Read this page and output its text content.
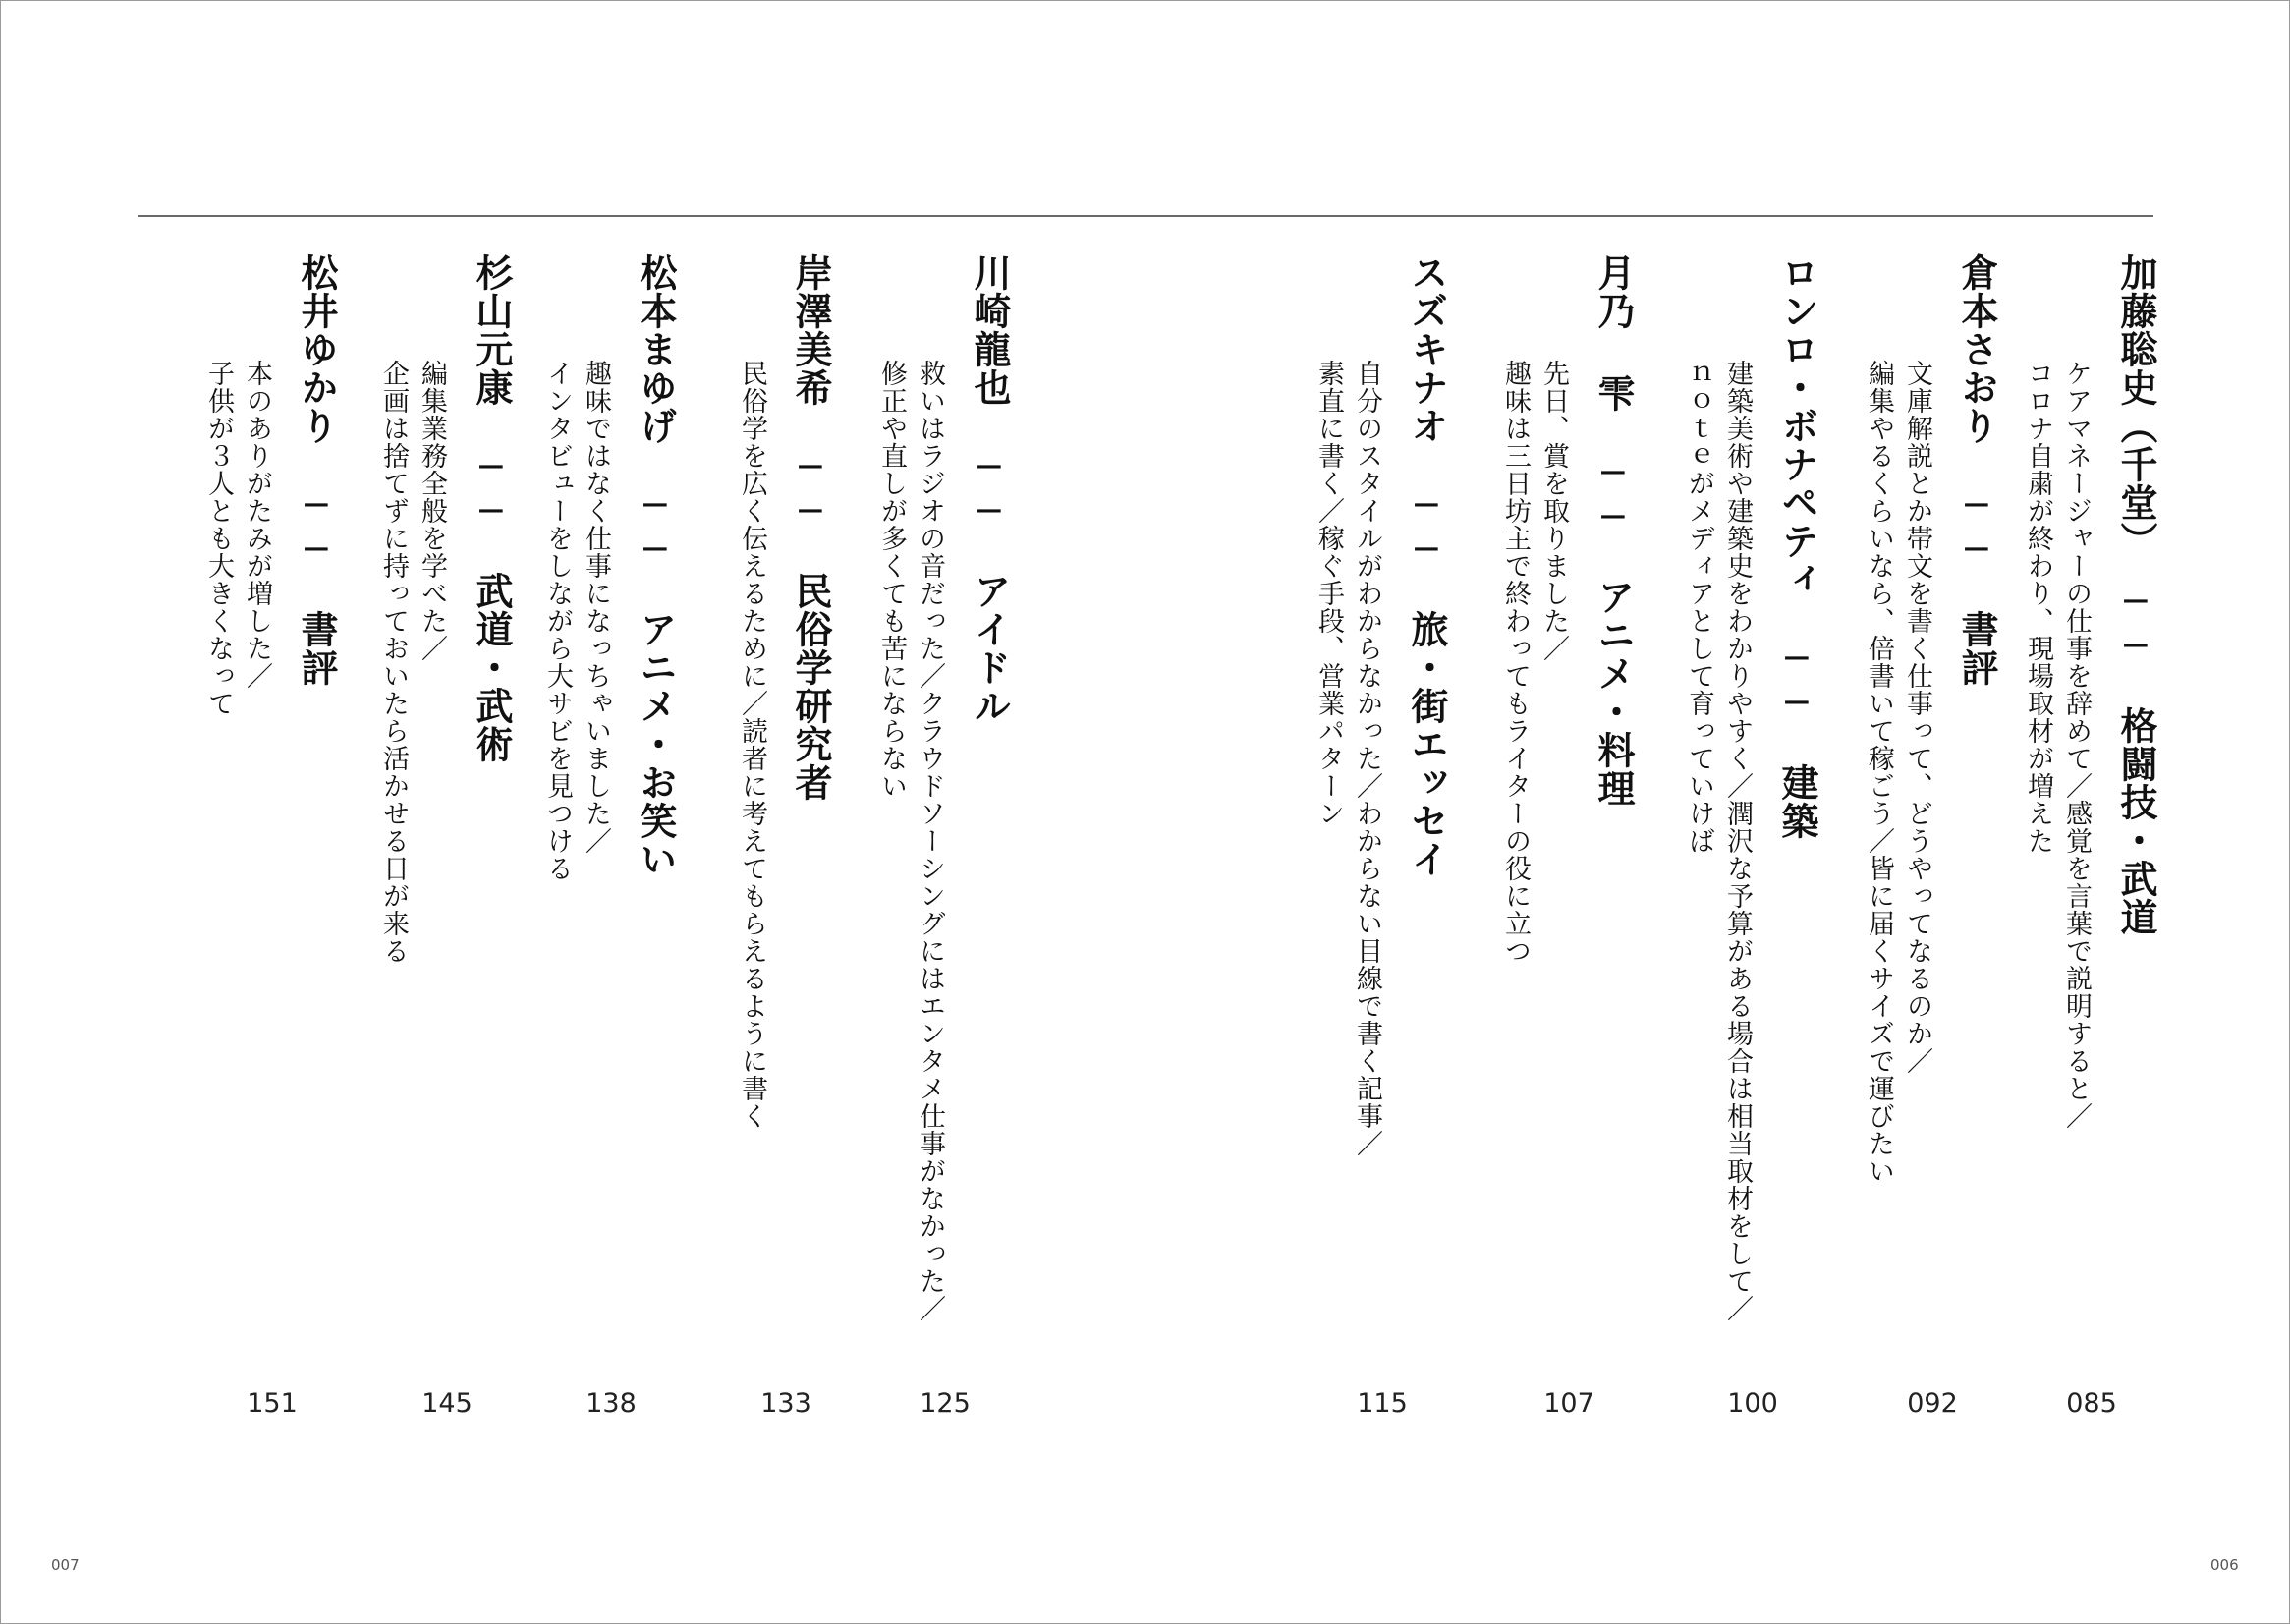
加藤聡史（千堂）　──　格闘技・武道
ケアマネージャーの仕事を辞めて／感覚を言葉で説明すると／
コロナ自粛が終わり、現場取材が増えた
085
倉本さおり　──　書評
文庫解説とか帯文を書く仕事って、どうやってなるのか／
編集やるくらいなら、倍書いて稼ごう／皆に届くサイズで運びたい
092
ロンロ・ボナペティ　──　建築
建築美術や建築史をわかりやすく／潤沢な予算がある場合は相当取材をして／
ｎｏｔｅがメディアとして育っていけば
100
月乃 雫　──　アニメ・料理
先日、賞を取りました／
趣味は三日坊主で終わってもライターの役に立つ
107
スズキナオ　──　旅・街エッセイ
自分のスタイルがわからなかった／わからない目線で書く記事／
素直に書く／稼ぐ手段、営業パターン
115
川崎龍也　──　アイドル
救いはラジオの音だった／クラウドソーシングにはエンタメ仕事がなかった／
修正や直しが多くても苦にならない
125
岸澤美希　──　民俗学研究者
民俗学を広く伝えるために／読者に考えてもらえるように書く
133
松本まゆげ　──　アニメ・お笑い
趣味ではなく仕事になっちゃいました／
インタビューをしながら大サビを見つける
138
杉山元康　──　武道・武術
編集業務全般を学べた／
企画は捨てずに持っておいたら活かせる日が来る
145
松井ゆかり　──　書評
本のありがたみが増した／
子供が３人とも大きくなって
151
007	006
